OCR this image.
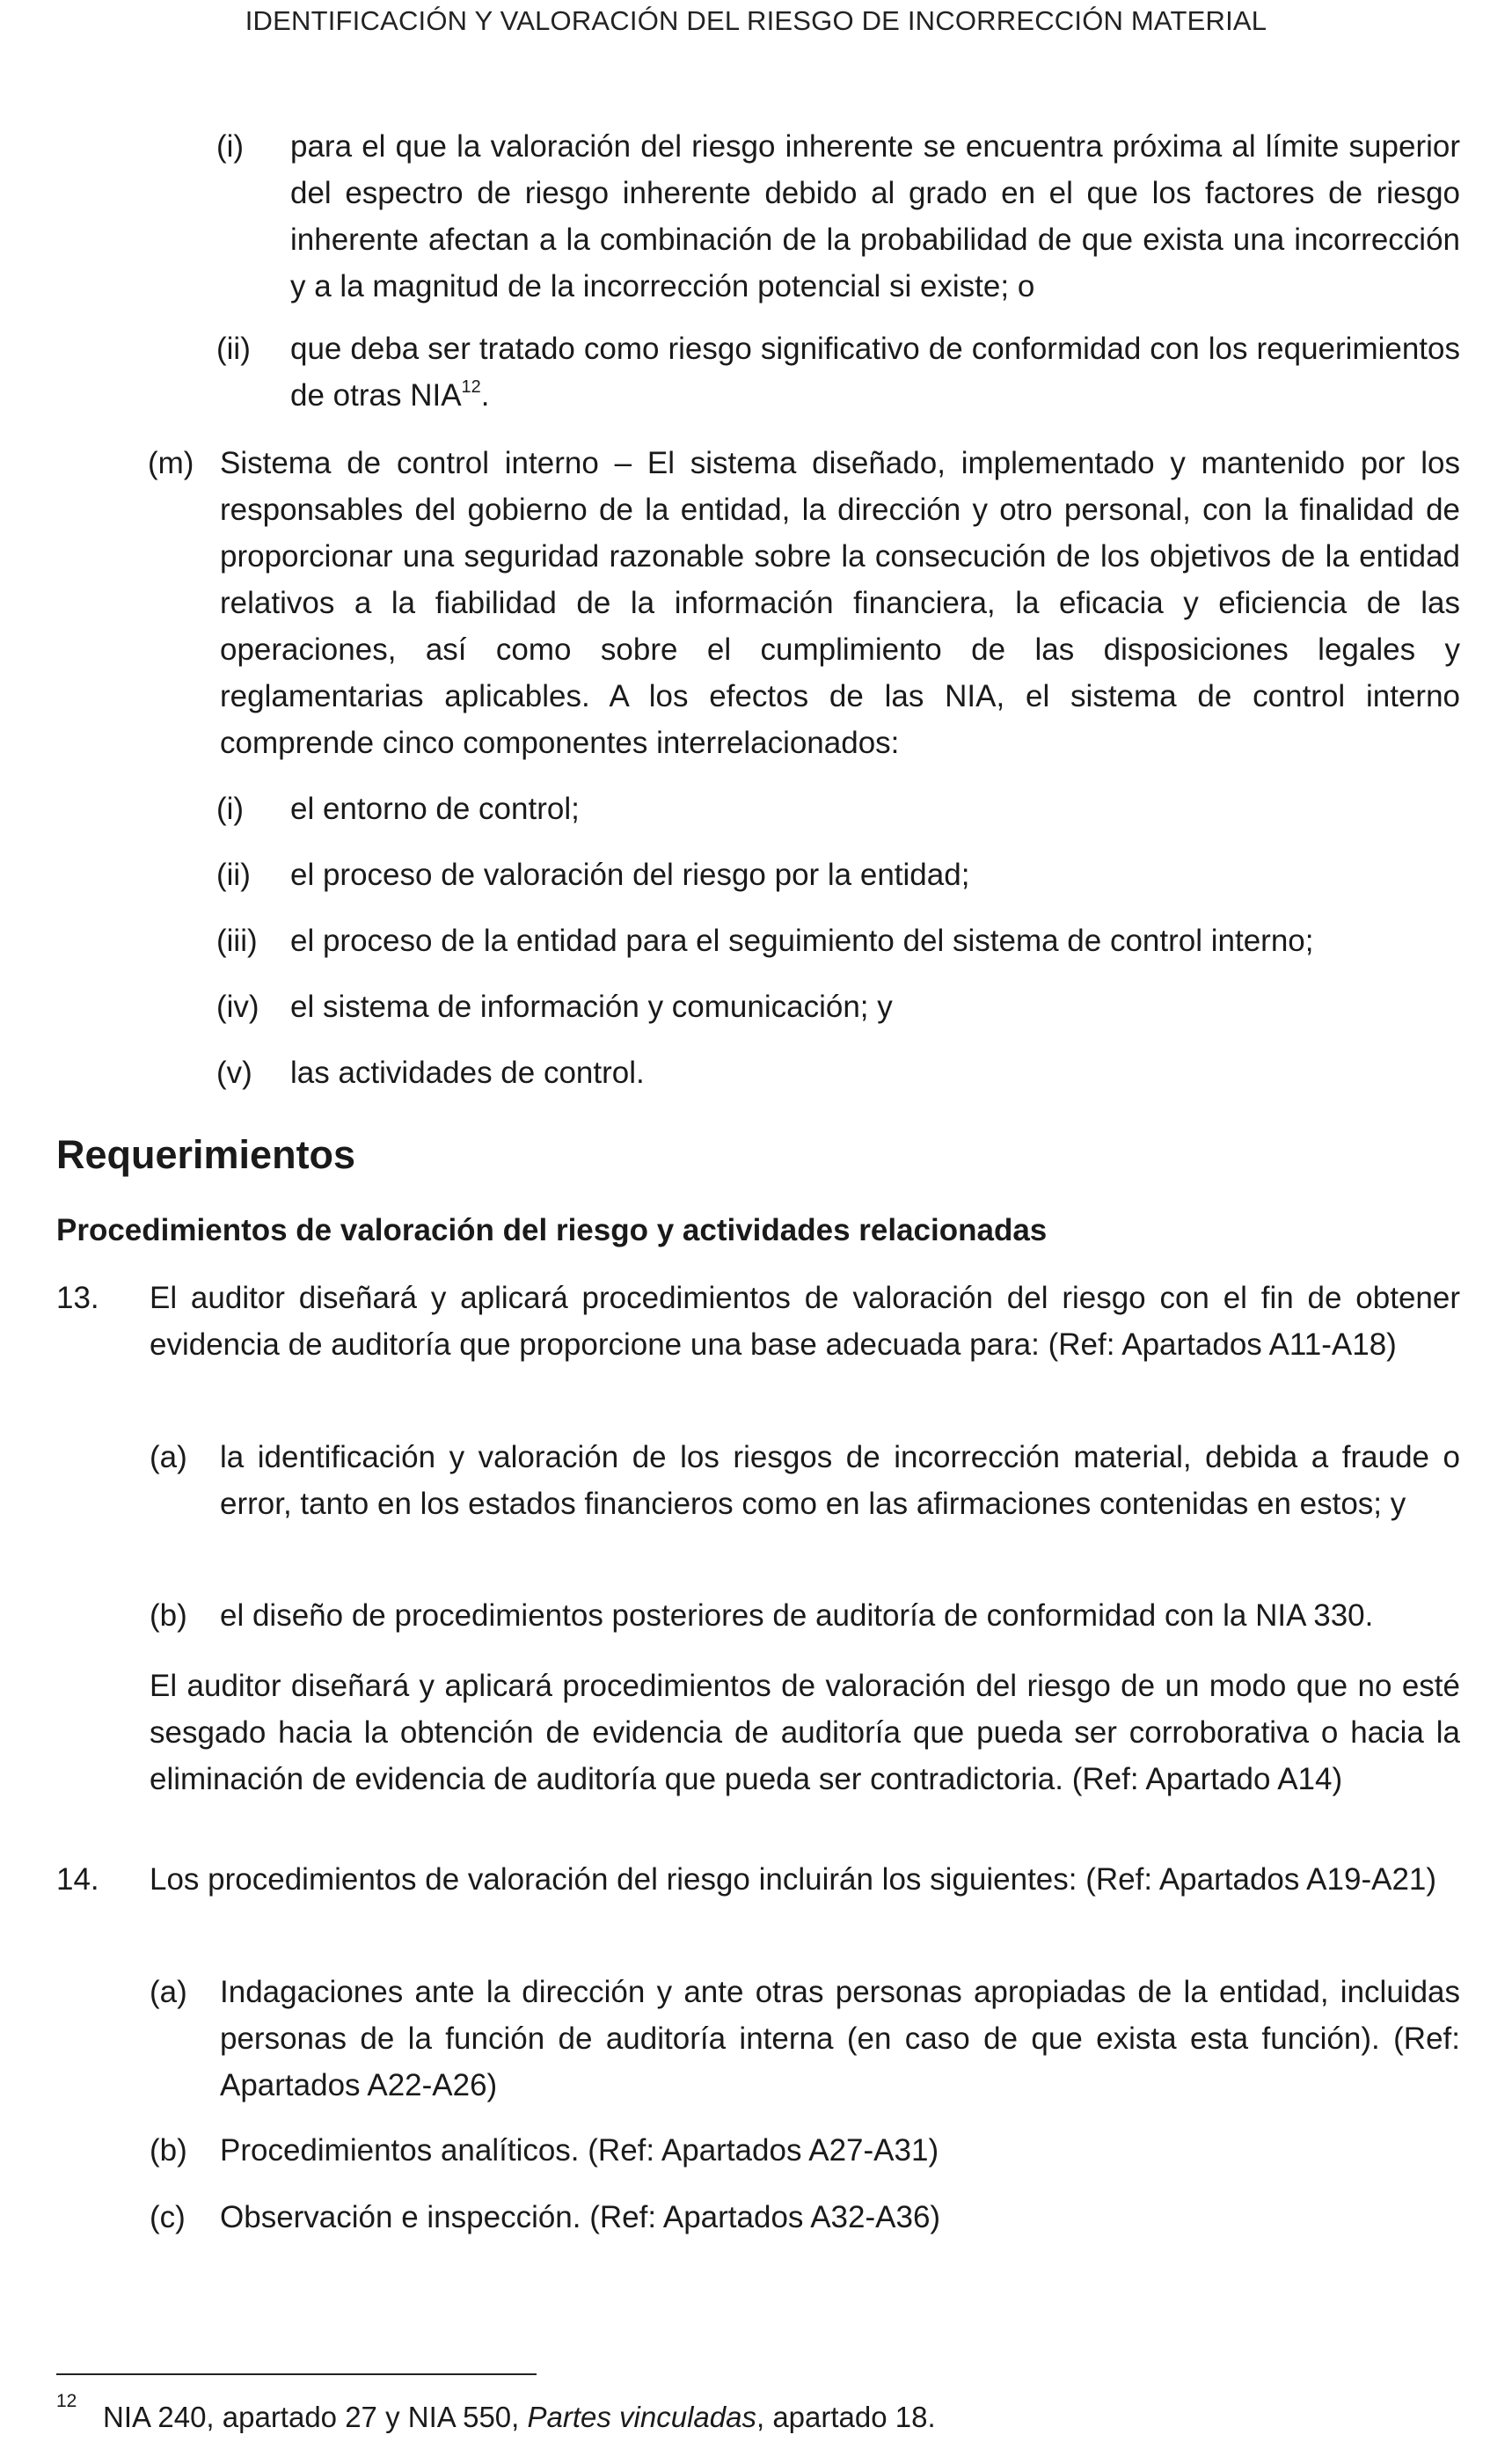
IDENTIFICACIÓN Y VALORACIÓN DEL RIESGO DE INCORRECCIÓN MATERIAL
(i) para el que la valoración del riesgo inherente se encuentra próxima al límite superior del espectro de riesgo inherente debido al grado en el que los factores de riesgo inherente afectan a la combinación de la probabilidad de que exista una incorrección y a la magnitud de la incorrección potencial si existe; o
(ii) que deba ser tratado como riesgo significativo de conformidad con los requerimientos de otras NIA$^{12}$.
(m) Sistema de control interno – El sistema diseñado, implementado y mantenido por los responsables del gobierno de la entidad, la dirección y otro personal, con la finalidad de proporcionar una seguridad razonable sobre la consecución de los objetivos de la entidad relativos a la fiabilidad de la información financiera, la eficacia y eficiencia de las operaciones, así como sobre el cumplimiento de las disposiciones legales y reglamentarias aplicables. A los efectos de las NIA, el sistema de control interno comprende cinco componentes interrelacionados:
(i) el entorno de control;
(ii) el proceso de valoración del riesgo por la entidad;
(iii) el proceso de la entidad para el seguimiento del sistema de control interno;
(iv) el sistema de información y comunicación; y
(v) las actividades de control.
Requerimientos
Procedimientos de valoración del riesgo y actividades relacionadas
13. El auditor diseñará y aplicará procedimientos de valoración del riesgo con el fin de obtener evidencia de auditoría que proporcione una base adecuada para: (Ref: Apartados A11-A18)
(a) la identificación y valoración de los riesgos de incorrección material, debida a fraude o error, tanto en los estados financieros como en las afirmaciones contenidas en estos; y
(b) el diseño de procedimientos posteriores de auditoría de conformidad con la NIA 330.
El auditor diseñará y aplicará procedimientos de valoración del riesgo de un modo que no esté sesgado hacia la obtención de evidencia de auditoría que pueda ser corroborativa o hacia la eliminación de evidencia de auditoría que pueda ser contradictoria. (Ref: Apartado A14)
14. Los procedimientos de valoración del riesgo incluirán los siguientes: (Ref: Apartados A19-A21)
(a) Indagaciones ante la dirección y ante otras personas apropiadas de la entidad, incluidas personas de la función de auditoría interna (en caso de que exista esta función). (Ref: Apartados A22-A26)
(b) Procedimientos analíticos. (Ref: Apartados A27-A31)
(c) Observación e inspección. (Ref: Apartados A32-A36)
12 NIA 240, apartado 27 y NIA 550, Partes vinculadas, apartado 18.
